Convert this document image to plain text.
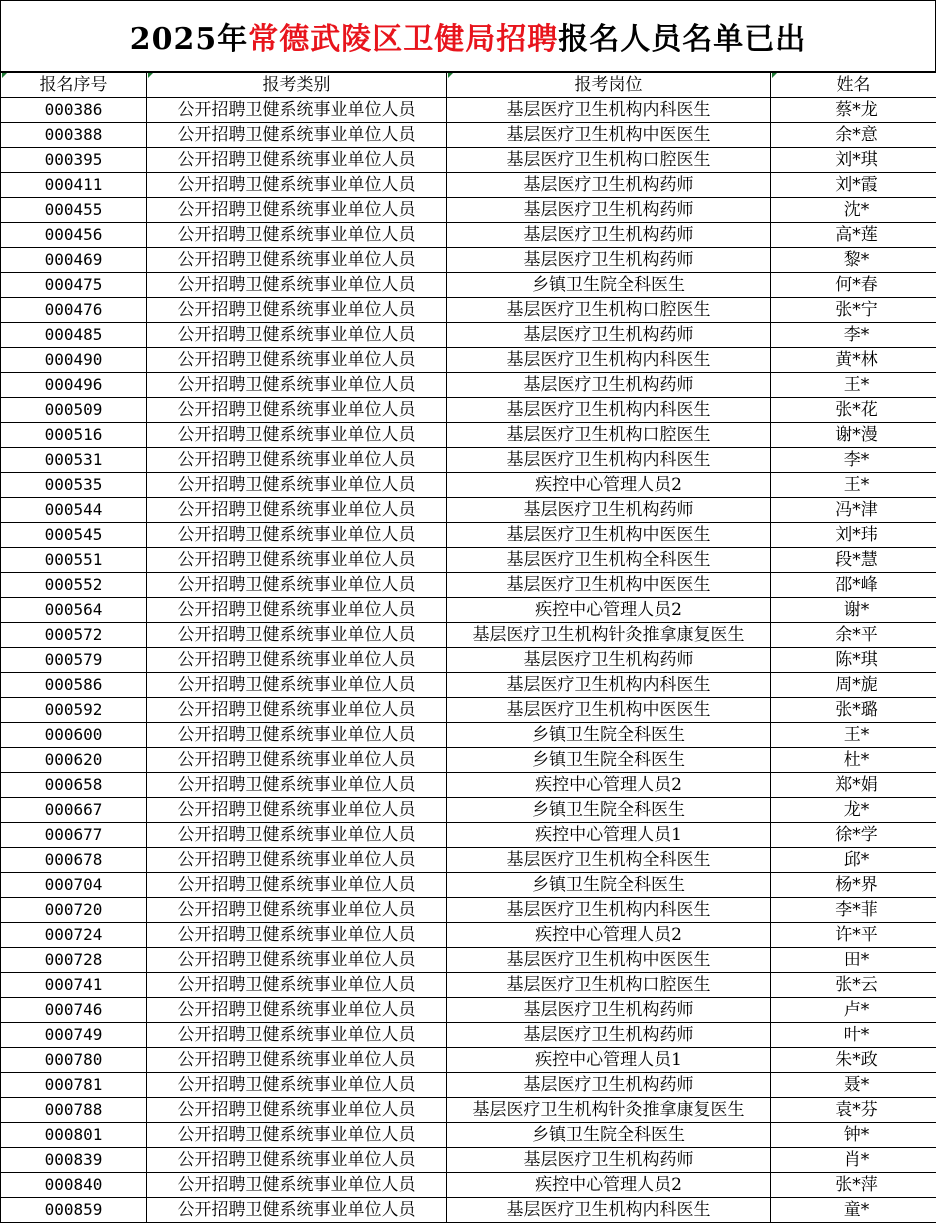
2025年 常德武陵区卫健局招聘 报名人员名单已出
报名序号	报考类别	报考岗位	姓名
000386	公开招聘卫健系统事业单位人员	基层医疗卫生机构内科医生	蔡*龙
000388	公开招聘卫健系统事业单位人员	基层医疗卫生机构中医医生	余*意
000395	公开招聘卫健系统事业单位人员	基层医疗卫生机构口腔医生	刘*琪
000411	公开招聘卫健系统事业单位人员	基层医疗卫生机构药师	刘*霞
000455	公开招聘卫健系统事业单位人员	基层医疗卫生机构药师	沈*
000456	公开招聘卫健系统事业单位人员	基层医疗卫生机构药师	高*莲
000469	公开招聘卫健系统事业单位人员	基层医疗卫生机构药师	黎*
000475	公开招聘卫健系统事业单位人员	乡镇卫生院全科医生	何*春
000476	公开招聘卫健系统事业单位人员	基层医疗卫生机构口腔医生	张*宁
000485	公开招聘卫健系统事业单位人员	基层医疗卫生机构药师	李*
000490	公开招聘卫健系统事业单位人员	基层医疗卫生机构内科医生	黄*林
000496	公开招聘卫健系统事业单位人员	基层医疗卫生机构药师	王*
000509	公开招聘卫健系统事业单位人员	基层医疗卫生机构内科医生	张*花
000516	公开招聘卫健系统事业单位人员	基层医疗卫生机构口腔医生	谢*漫
000531	公开招聘卫健系统事业单位人员	基层医疗卫生机构内科医生	李*
000535	公开招聘卫健系统事业单位人员	疾控中心管理人员2	王*
000544	公开招聘卫健系统事业单位人员	基层医疗卫生机构药师	冯*津
000545	公开招聘卫健系统事业单位人员	基层医疗卫生机构中医医生	刘*玮
000551	公开招聘卫健系统事业单位人员	基层医疗卫生机构全科医生	段*慧
000552	公开招聘卫健系统事业单位人员	基层医疗卫生机构中医医生	邵*峰
000564	公开招聘卫健系统事业单位人员	疾控中心管理人员2	谢*
000572	公开招聘卫健系统事业单位人员	基层医疗卫生机构针灸推拿康复医生	余*平
000579	公开招聘卫健系统事业单位人员	基层医疗卫生机构药师	陈*琪
000586	公开招聘卫健系统事业单位人员	基层医疗卫生机构内科医生	周*旎
000592	公开招聘卫健系统事业单位人员	基层医疗卫生机构中医医生	张*璐
000600	公开招聘卫健系统事业单位人员	乡镇卫生院全科医生	王*
000620	公开招聘卫健系统事业单位人员	乡镇卫生院全科医生	杜*
000658	公开招聘卫健系统事业单位人员	疾控中心管理人员2	郑*娟
000667	公开招聘卫健系统事业单位人员	乡镇卫生院全科医生	龙*
000677	公开招聘卫健系统事业单位人员	疾控中心管理人员1	徐*学
000678	公开招聘卫健系统事业单位人员	基层医疗卫生机构全科医生	邱*
000704	公开招聘卫健系统事业单位人员	乡镇卫生院全科医生	杨*界
000720	公开招聘卫健系统事业单位人员	基层医疗卫生机构内科医生	李*菲
000724	公开招聘卫健系统事业单位人员	疾控中心管理人员2	许*平
000728	公开招聘卫健系统事业单位人员	基层医疗卫生机构中医医生	田*
000741	公开招聘卫健系统事业单位人员	基层医疗卫生机构口腔医生	张*云
000746	公开招聘卫健系统事业单位人员	基层医疗卫生机构药师	卢*
000749	公开招聘卫健系统事业单位人员	基层医疗卫生机构药师	叶*
000780	公开招聘卫健系统事业单位人员	疾控中心管理人员1	朱*政
000781	公开招聘卫健系统事业单位人员	基层医疗卫生机构药师	聂*
000788	公开招聘卫健系统事业单位人员	基层医疗卫生机构针灸推拿康复医生	袁*芬
000801	公开招聘卫健系统事业单位人员	乡镇卫生院全科医生	钟*
000839	公开招聘卫健系统事业单位人员	基层医疗卫生机构药师	肖*
000840	公开招聘卫健系统事业单位人员	疾控中心管理人员2	张*萍
000859	公开招聘卫健系统事业单位人员	基层医疗卫生机构内科医生	童*
